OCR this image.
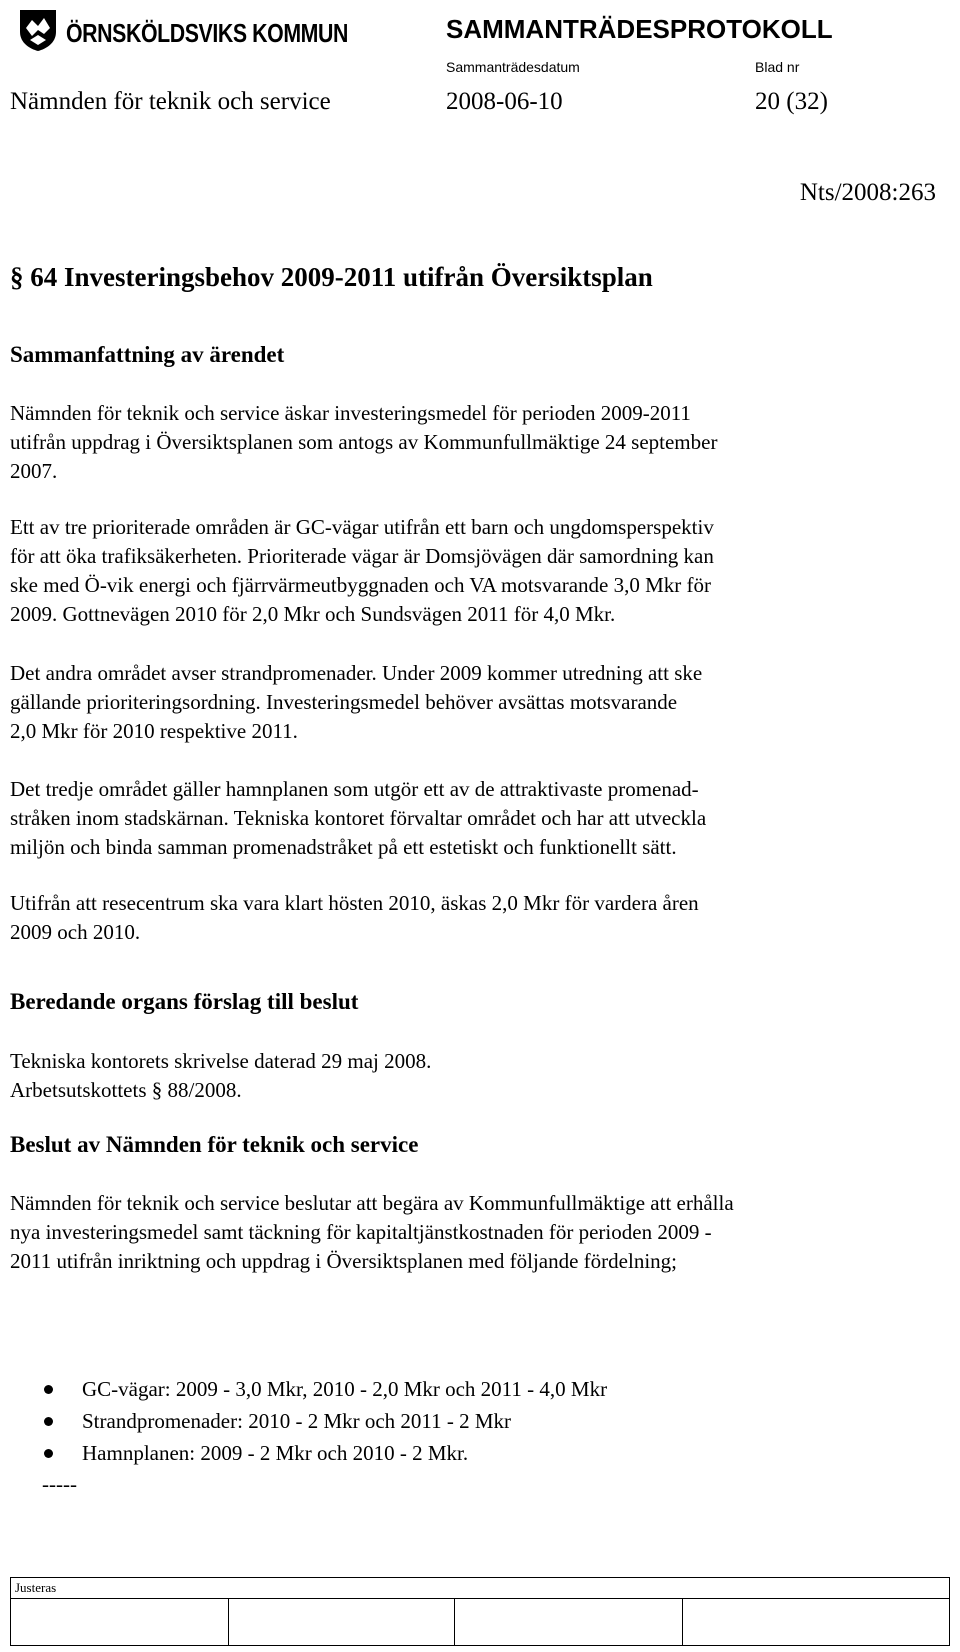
ÖRNSKÖLDSVIKS KOMMUN	SAMMANTRÄDESPROTOKOLL
Sammanträdesdatum	Blad nr
Nämnden för teknik och service	2008-06-10	20 (32)
Nts/2008:263
§ 64 Investeringsbehov 2009-2011 utifrån Översiktsplan
Sammanfattning av ärendet
Nämnden för teknik och service äskar investeringsmedel för perioden 2009-2011
utifrån uppdrag i Översiktsplanen som antogs av Kommunfullmäktige 24 september
2007.
Ett av tre prioriterade områden är GC-vägar utifrån ett barn och ungdomsperspektiv
för att öka trafiksäkerheten. Prioriterade vägar är Domsjövägen där samordning kan
ske med Ö-vik energi och fjärrvärmeutbyggnaden och VA motsvarande 3,0 Mkr för
2009. Gottnevägen 2010 för 2,0 Mkr och Sundsvägen 2011 för 4,0 Mkr.
Det andra området avser strandpromenader. Under 2009 kommer utredning att ske
gällande prioriteringsordning. Investeringsmedel behöver avsättas motsvarande
2,0 Mkr för 2010 respektive 2011.
Det tredje området gäller hamnplanen som utgör ett av de attraktivaste promenad-
stråken inom stadskärnan. Tekniska kontoret förvaltar området och har att utveckla
miljön och binda samman promenadstråket på ett estetiskt och funktionellt sätt.
Utifrån att resecentrum ska vara klart hösten 2010, äskas 2,0 Mkr för vardera åren
2009 och 2010.
Beredande organs förslag till beslut
Tekniska kontorets skrivelse daterad 29 maj 2008.
Arbetsutskottets § 88/2008.
Beslut av Nämnden för teknik och service
Nämnden för teknik och service beslutar att begära av Kommunfullmäktige att erhålla
nya investeringsmedel samt täckning för kapitaltjänstkostnaden för perioden 2009 -
2011 utifrån inriktning och uppdrag i Översiktsplanen med följande fördelning;
GC-vägar: 2009 - 3,0 Mkr, 2010 - 2,0 Mkr och 2011 - 4,0 Mkr
Strandpromenader: 2010 - 2 Mkr och 2011 - 2 Mkr
Hamnplanen: 2009 - 2 Mkr och 2010 - 2 Mkr.
-----
Justeras
